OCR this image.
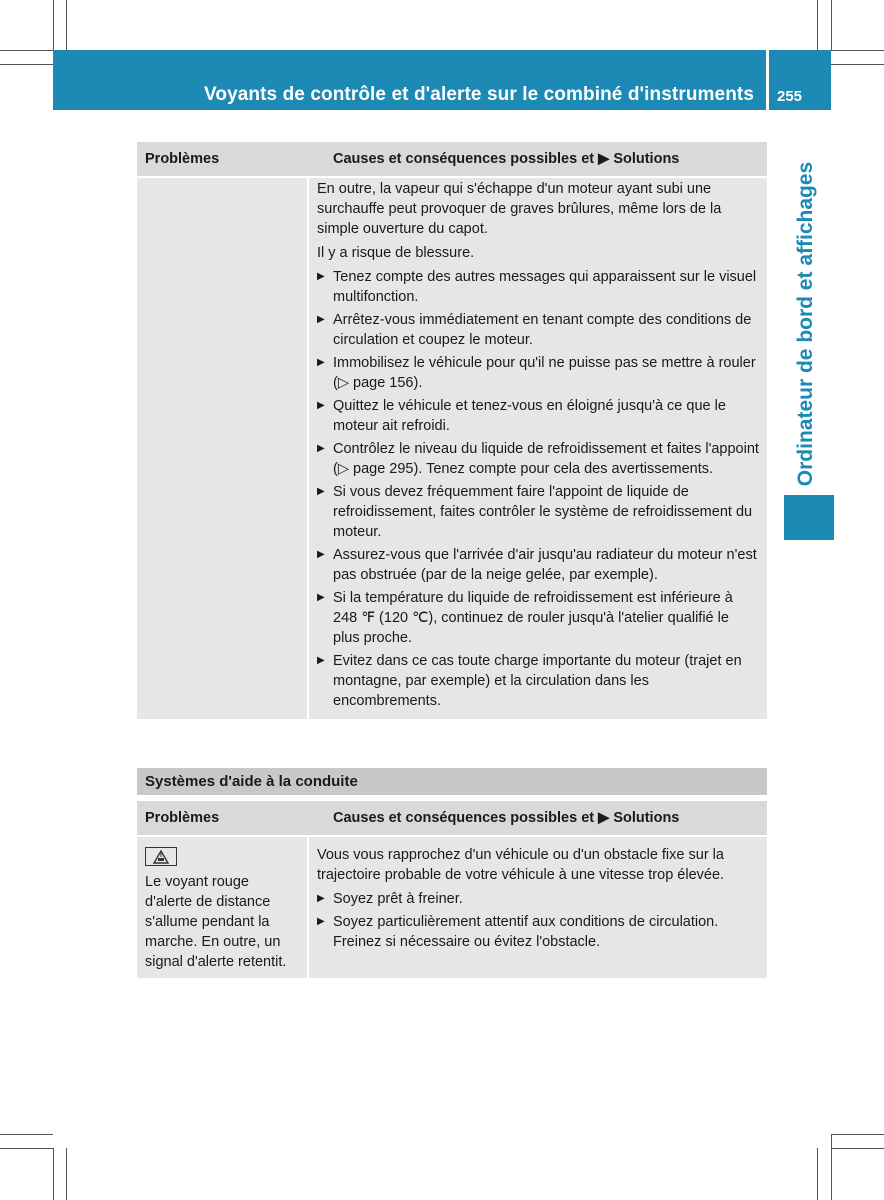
Voyants de contrôle et d'alerte sur le combiné d'instruments 255
Ordinateur de bord et affichages
Problèmes	Causes et conséquences possibles et ▶ Solutions

En outre, la vapeur qui s'échappe d'un moteur ayant subi une surchauffe peut provoquer de graves brûlures, même lors de la simple ouverture du capot.

Il y a risque de blessure.

▶ Tenez compte des autres messages qui apparaissent sur le visuel multifonction.
▶ Arrêtez-vous immédiatement en tenant compte des conditions de circulation et coupez le moteur.
▶ Immobilisez le véhicule pour qu'il ne puisse pas se mettre à rouler (▷ page 156).
▶ Quittez le véhicule et tenez-vous en éloigné jusqu'à ce que le moteur ait refroidi.
▶ Contrôlez le niveau du liquide de refroidissement et faites l'appoint (▷ page 295). Tenez compte pour cela des avertissements.
▶ Si vous devez fréquemment faire l'appoint de liquide de refroidissement, faites contrôler le système de refroidissement du moteur.
▶ Assurez-vous que l'arrivée d'air jusqu'au radiateur du moteur n'est pas obstruée (par de la neige gelée, par exemple).
▶ Si la température du liquide de refroidissement est inférieure à 248 ℉ (120 ℃), continuez de rouler jusqu'à l'atelier qualifié le plus proche.
▶ Evitez dans ce cas toute charge importante du moteur (trajet en montagne, par exemple) et la circulation dans les encombrements.
Systèmes d'aide à la conduite
Problèmes	Causes et conséquences possibles et ▶ Solutions
Le voyant rouge d'alerte de distance s'allume pendant la marche. En outre, un signal d'alerte retentit.

Vous vous rapprochez d'un véhicule ou d'un obstacle fixe sur la trajectoire probable de votre véhicule à une vitesse trop élevée.

▶ Soyez prêt à freiner.
▶ Soyez particulièrement attentif aux conditions de circulation. Freinez si nécessaire ou évitez l'obstacle.
